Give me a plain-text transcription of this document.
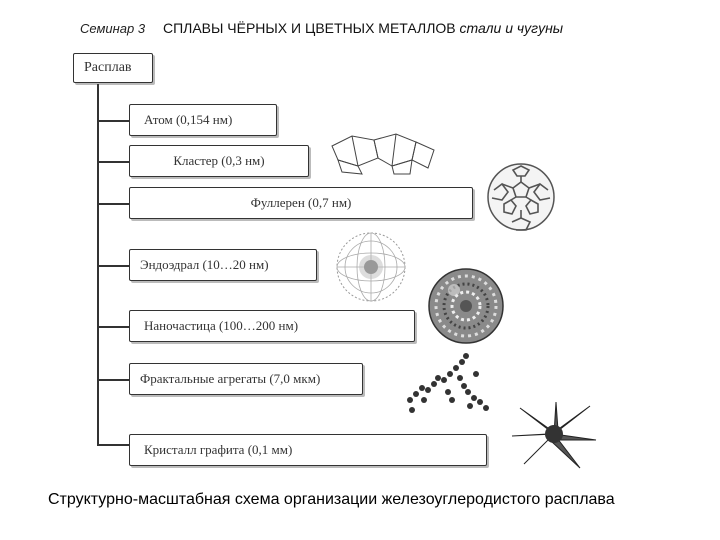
Семинар 3 СПЛАВЫ ЧЁРНЫХ И ЦВЕТНЫХ МЕТАЛЛОВ стали и чугуны
Расплав
Атом (0,154 нм)
Кластер (0,3 нм)
Фуллерен (0,7 нм)
Эндоэдрал (10…20 нм)
Наночастица (100…200 нм)
Фрактальные агрегаты (7,0 мкм)
Кристалл графита (0,1 мм)
Структурно-масштабная схема организации железоуглеродистого расплава
